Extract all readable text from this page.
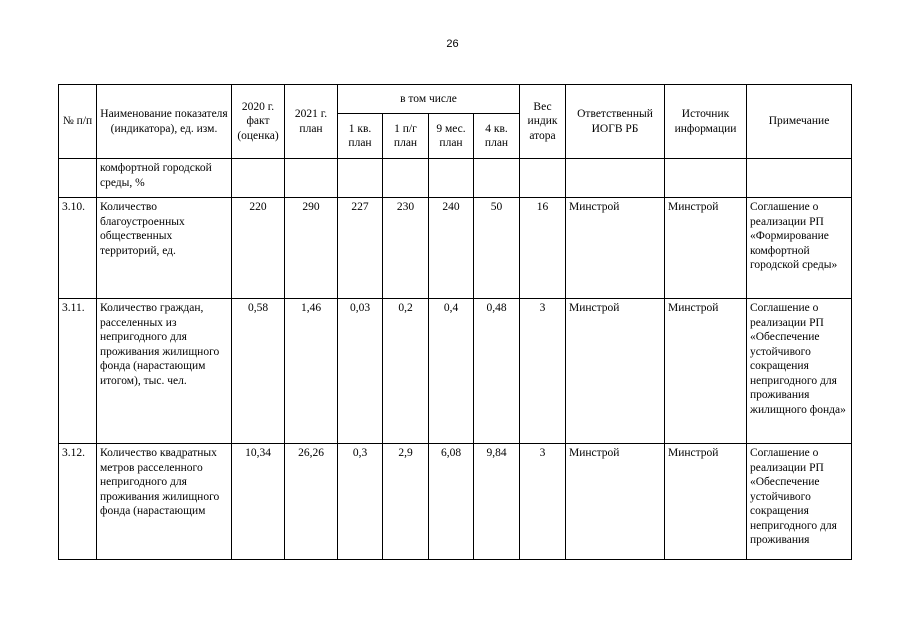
26
№ п/п	Наименование показателя (индикатора), ед. изм.	2020 г. факт (оценка)	2021 г. план	в том числе				Вес индик атора	Ответственный ИОГВ РБ	Источник информации	Примечание
				1 кв. план	1 п/г план	9 мес. план	4 кв. план				
	комфортной городской среды, %										
3.10.	Количество благоустроенных общественных территорий, ед.	220	290	227	230	240	50	16	Минстрой	Минстрой	Соглашение о реализации РП «Формирование комфортной городской среды»
3.11.	Количество граждан, расселенных из непригодного для проживания жилищного фонда (нарастающим итогом), тыс. чел.	0,58	1,46	0,03	0,2	0,4	0,48	3	Минстрой	Минстрой	Соглашение о реализации РП «Обеспечение устойчивого сокращения непригодного для проживания жилищного фонда»
3.12.	Количество квадратных метров расселенного непригодного для проживания жилищного фонда (нарастающим	10,34	26,26	0,3	2,9	6,08	9,84	3	Минстрой	Минстрой	Соглашение о реализации РП «Обеспечение устойчивого сокращения непригодного для проживания
